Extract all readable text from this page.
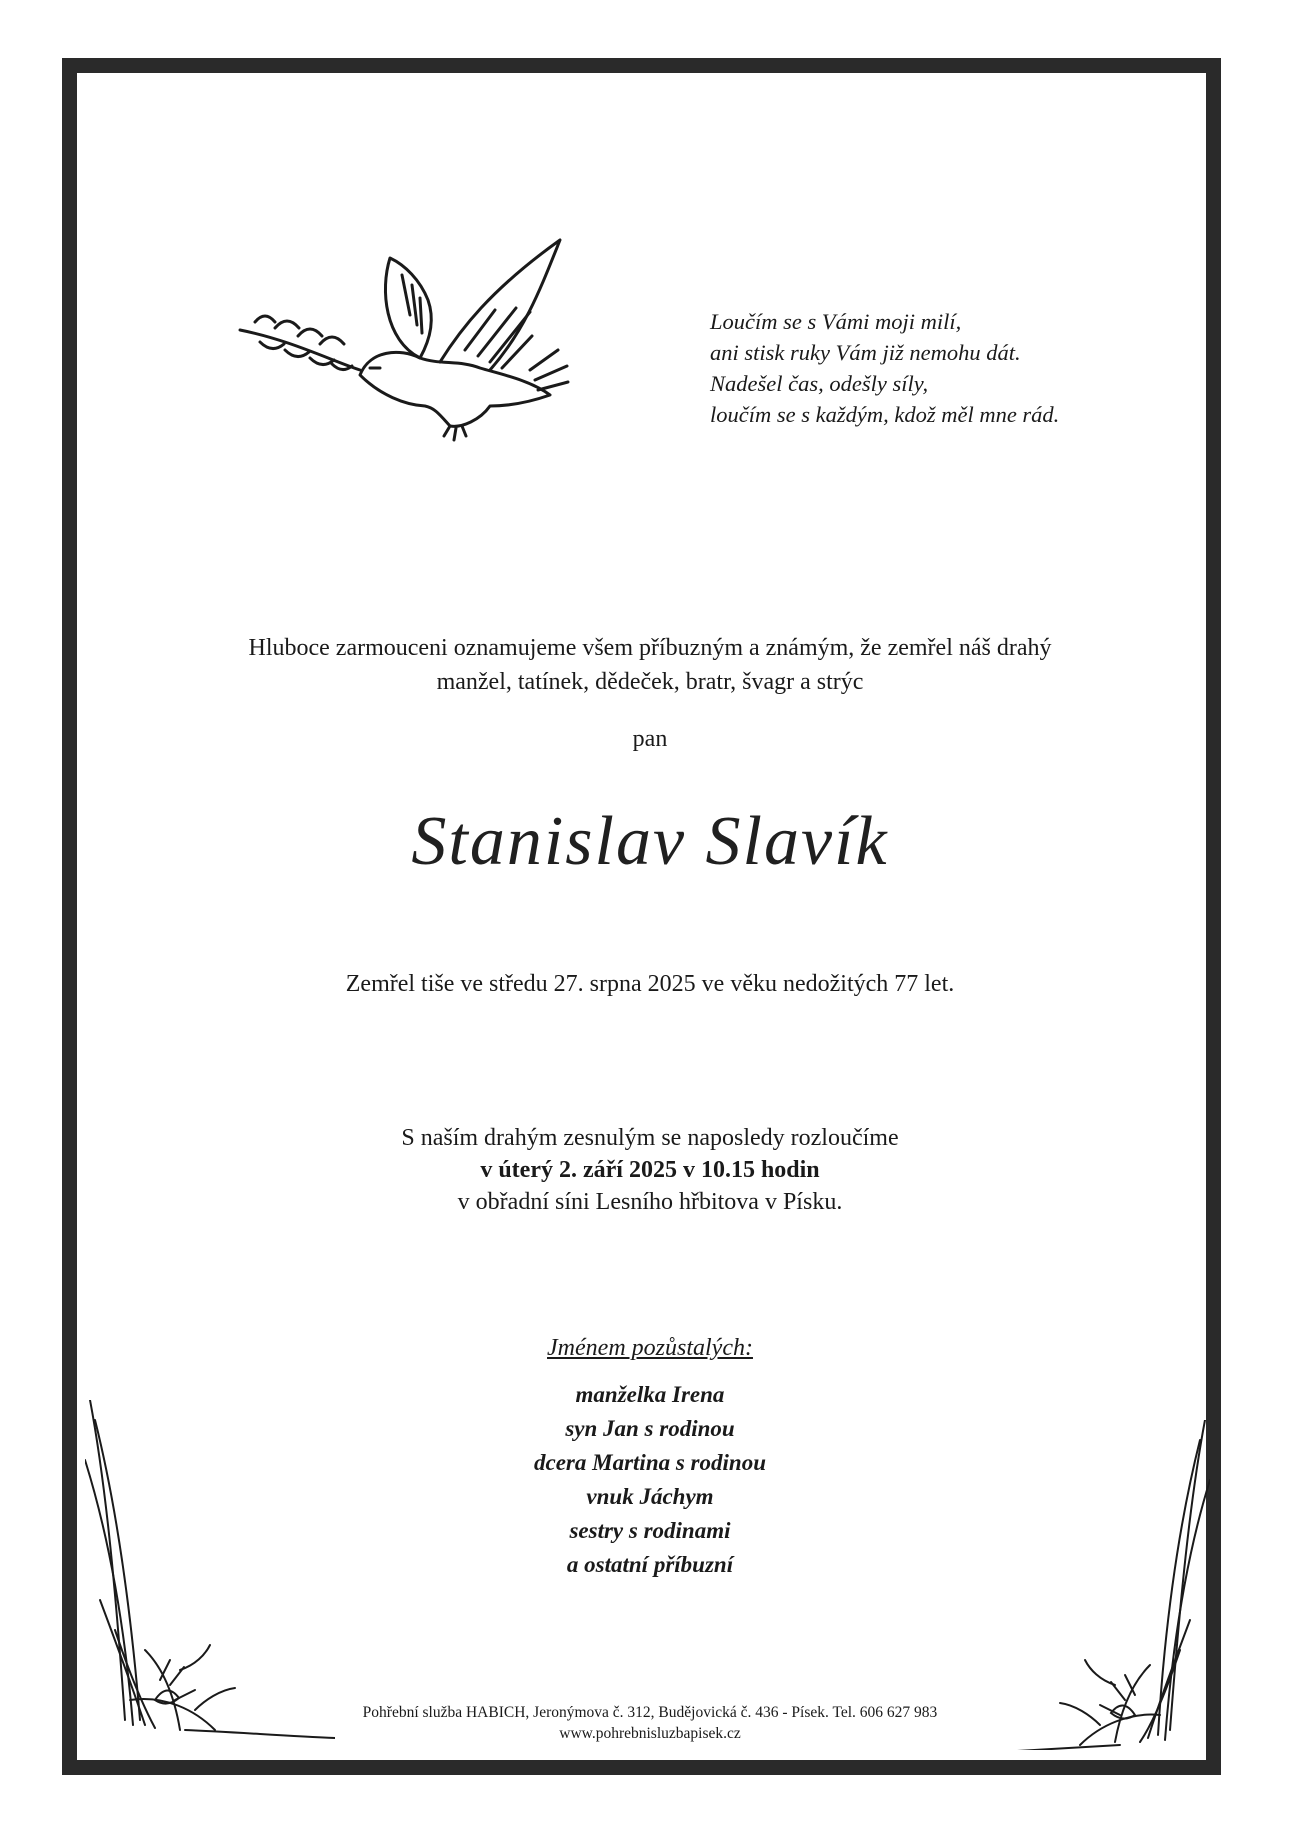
Loučím se s Vámi moji milí,
ani stisk ruky Vám již nemohu dát.
Nadešel čas, odešly síly,
loučím se s každým, kdož měl mne rád.
Hluboce zarmouceni oznamujeme všem příbuzným a známým, že zemřel náš drahý
manžel, tatínek, dědeček, bratr, švagr a strýc
pan
Stanislav Slavík
Zemřel tiše ve středu 27. srpna 2025 ve věku nedožitých 77 let.
S naším drahým zesnulým se naposledy rozloučíme
v úterý 2. září 2025 v 10.15 hodin
v obřadní síni Lesního hřbitova v Písku.
Jménem pozůstalých:
manželka Irena
syn Jan s rodinou
dcera Martina s rodinou
vnuk Jáchym
sestry s rodinami
a ostatní příbuzní
Pohřební služba HABICH, Jeronýmova č. 312, Budějovická č. 436 - Písek. Tel. 606 627 983
www.pohrebnisluzbapisek.cz
